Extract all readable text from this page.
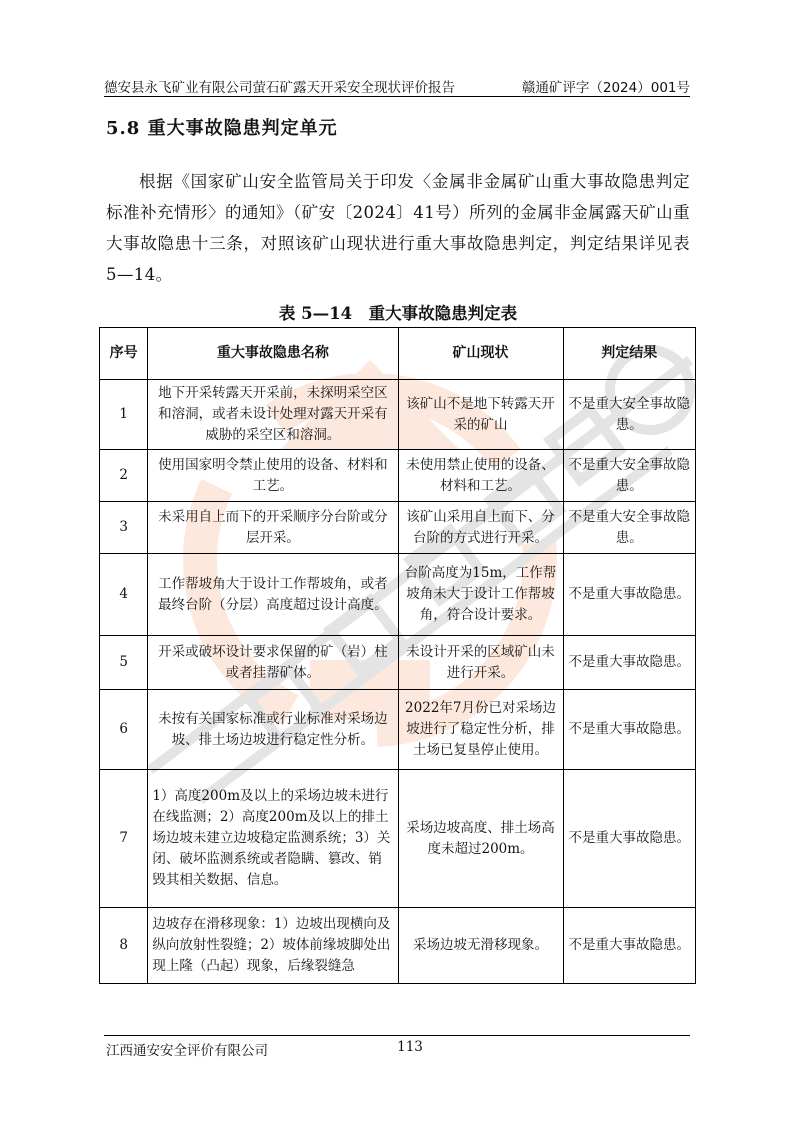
德安县永飞矿业有限公司萤石矿露天开采安全现状评价报告	赣通矿评字（2024）001号
5.8 重大事故隐患判定单元
根据《国家矿山安全监管局关于印发〈金属非金属矿山重大事故隐患判定标准补充情形〉的通知》（矿安〔2024〕41号）所列的金属非金属露天矿山重大事故隐患十三条，对照该矿山现状进行重大事故隐患判定，判定结果详见表5—14。
表 5—14　重大事故隐患判定表
序号	重大事故隐患名称	矿山现状	判定结果
1	地下开采转露天开采前，未探明采空区和溶洞，或者未设计处理对露天开采有威胁的采空区和溶洞。	该矿山不是地下转露天开采的矿山	不是重大安全事故隐患。
2	使用国家明令禁止使用的设备、材料和工艺。	未使用禁止使用的设备、材料和工艺。	不是重大安全事故隐患。
3	未采用自上而下的开采顺序分台阶或分层开采。	该矿山采用自上而下、分台阶的方式进行开采。	不是重大安全事故隐患。
4	工作帮坡角大于设计工作帮坡角，或者最终台阶（分层）高度超过设计高度。	台阶高度为15m，工作帮坡角未大于设计工作帮坡角，符合设计要求。	不是重大事故隐患。
5	开采或破坏设计要求保留的矿（岩）柱或者挂帮矿体。	未设计开采的区域矿山未进行开采。	不是重大事故隐患。
6	未按有关国家标准或行业标准对采场边坡、排土场边坡进行稳定性分析。	2022年7月份已对采场边坡进行了稳定性分析，排土场已复垦停止使用。	不是重大事故隐患。
7	1）高度200m及以上的采场边坡未进行在线监测；2）高度200m及以上的排土场边坡未建立边坡稳定监测系统；3）关闭、破坏监测系统或者隐瞒、篡改、销毁其相关数据、信息。	采场边坡高度、排土场高度未超过200m。	不是重大事故隐患。
8	边坡存在滑移现象：1）边坡出现横向及纵向放射性裂缝；2）坡体前缘坡脚处出现上隆（凸起）现象，后缘裂缝急	采场边坡无滑移现象。	不是重大事故隐患。
江西通安安全评价有限公司	113
